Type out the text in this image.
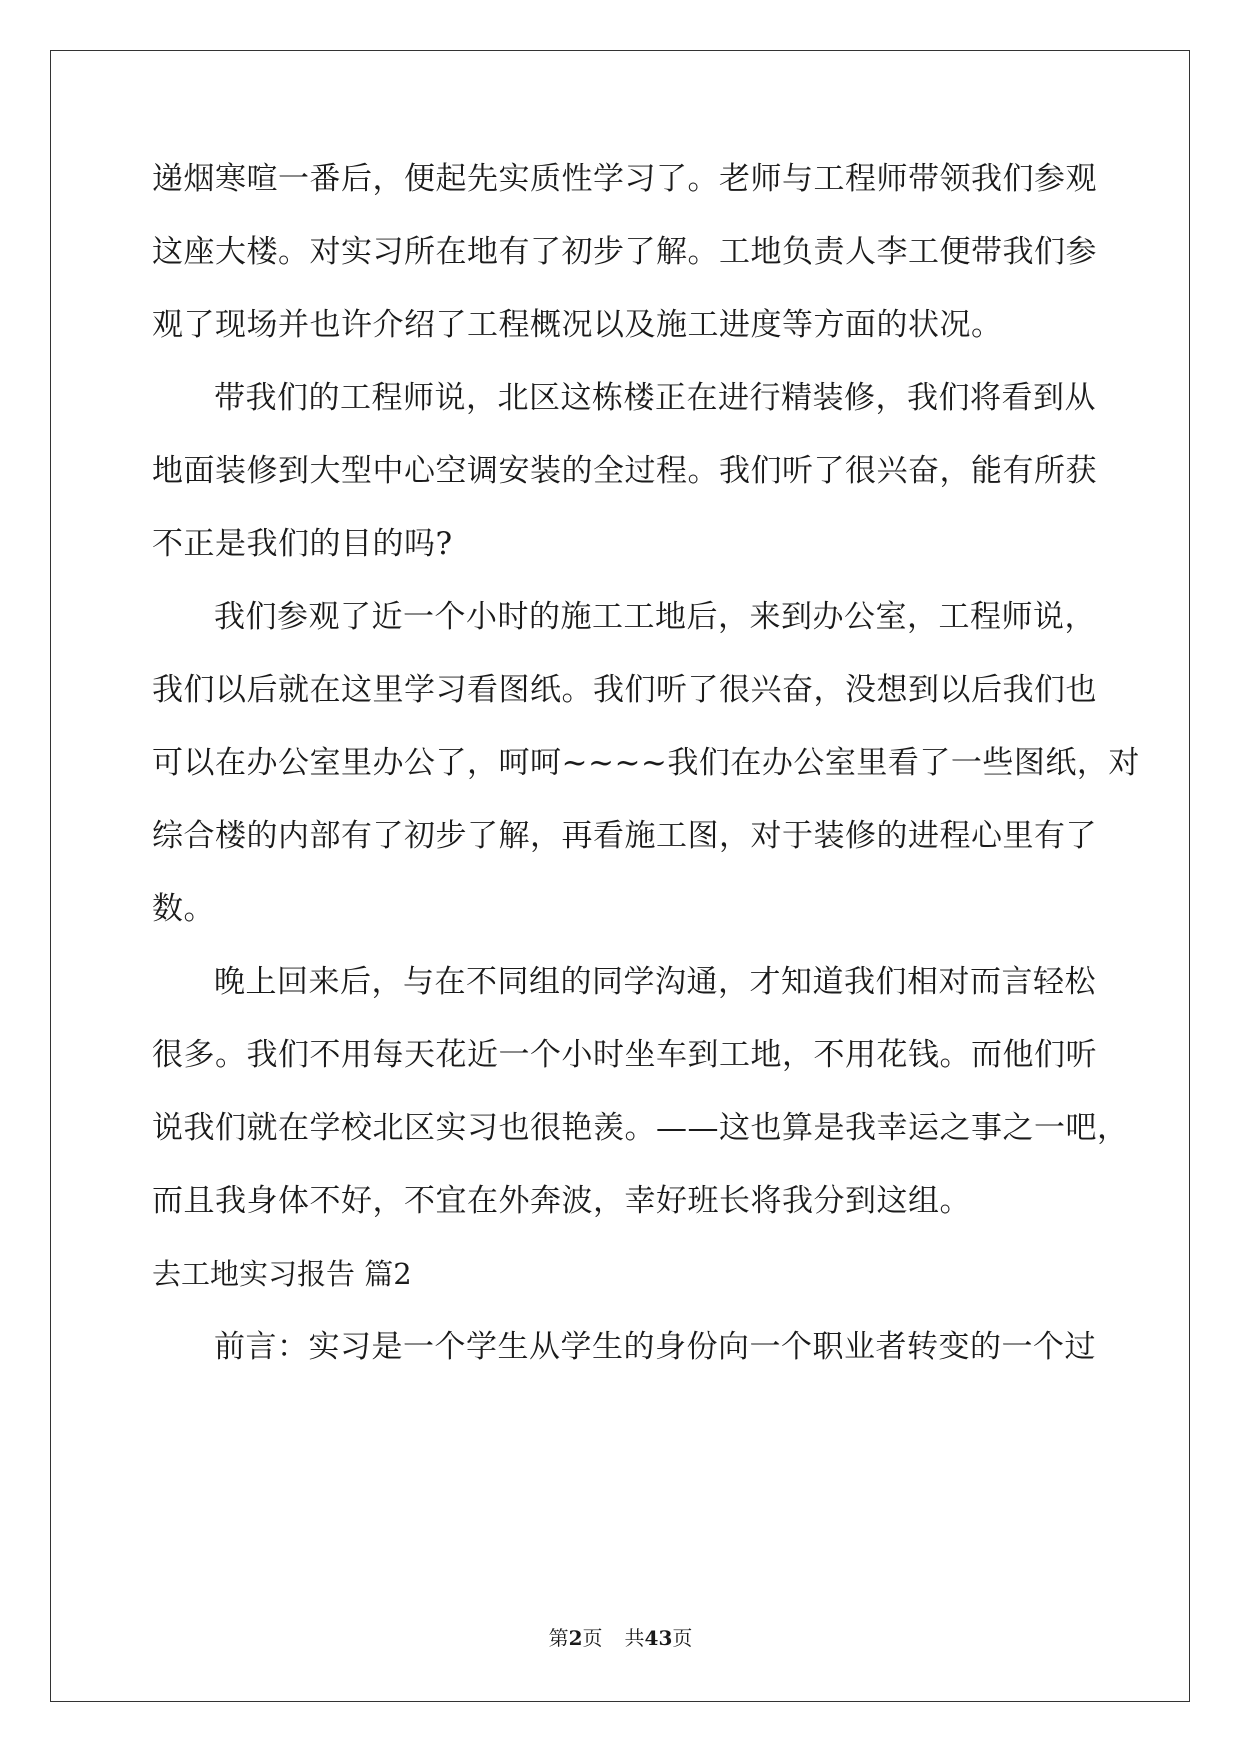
递烟寒喧一番后，便起先实质性学习了。老师与工程师带领我们参观

这座大楼。对实习所在地有了初步了解。工地负责人李工便带我们参

观了现场并也许介绍了工程概况以及施工进度等方面的状况。

带我们的工程师说，北区这栋楼正在进行精装修，我们将看到从

地面装修到大型中心空调安装的全过程。我们听了很兴奋，能有所获

不正是我们的目的吗?

我们参观了近一个小时的施工工地后，来到办公室，工程师说，

我们以后就在这里学习看图纸。我们听了很兴奋，没想到以后我们也

可以在办公室里办公了，呵呵~~~~我们在办公室里看了一些图纸，对

综合楼的内部有了初步了解，再看施工图，对于装修的进程心里有了

数。

晚上回来后，与在不同组的同学沟通，才知道我们相对而言轻松

很多。我们不用每天花近一个小时坐车到工地，不用花钱。而他们听

说我们就在学校北区实习也很艳羡。——这也算是我幸运之事之一吧，

而且我身体不好，不宜在外奔波，幸好班长将我分到这组。

去工地实习报告 篇2

前言：实习是一个学生从学生的身份向一个职业者转变的一个过

第2页 共43页
